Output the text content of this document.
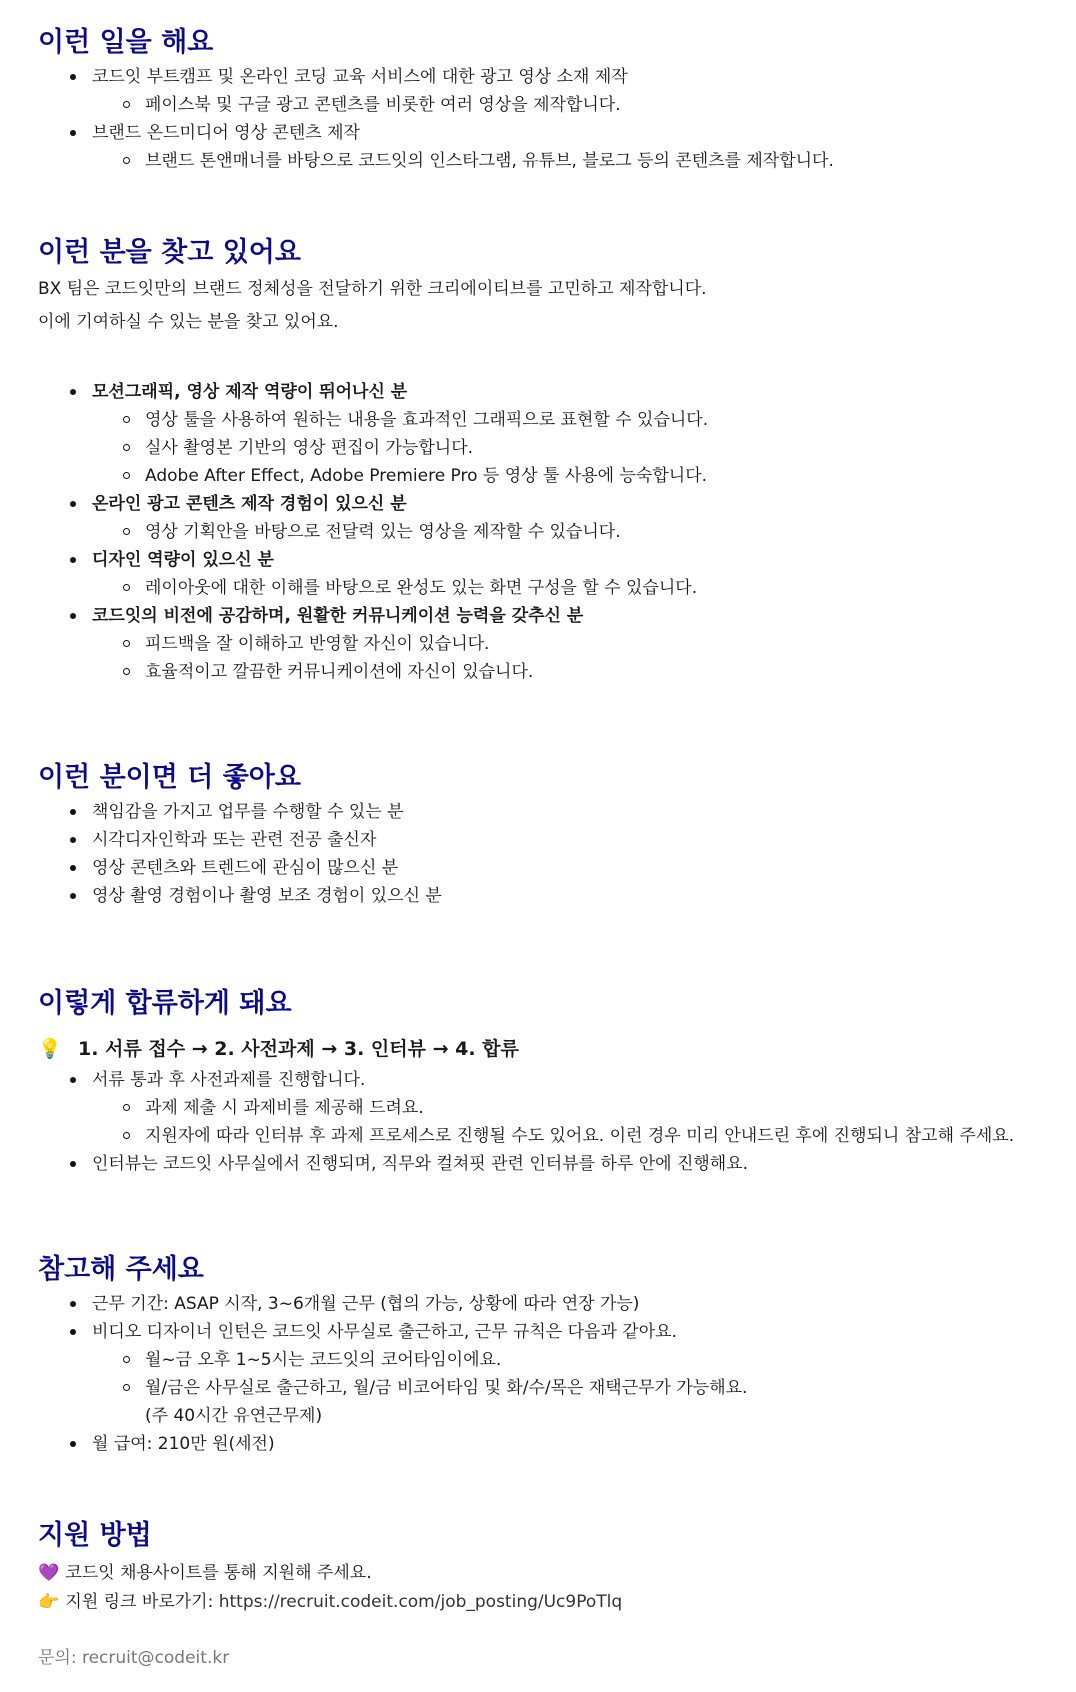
이런 일을 해요
코드잇 부트캠프 및 온라인 코딩 교육 서비스에 대한 광고 영상 소재 제작
페이스북 및 구글 광고 콘텐츠를 비롯한 여러 영상을 제작합니다.
브랜드 온드미디어 영상 콘텐츠 제작
브랜드 톤앤매너를 바탕으로 코드잇의 인스타그램, 유튜브, 블로그 등의 콘텐츠를 제작합니다.
이런 분을 찾고 있어요

BX 팀은 코드잇만의 브랜드 정체성을 전달하기 위한 크리에이티브를 고민하고 제작합니다.

이에 기여하실 수 있는 분을 찾고 있어요.

모션그래픽, 영상 제작 역량이 뛰어나신 분
영상 툴을 사용하여 원하는 내용을 효과적인 그래픽으로 표현할 수 있습니다.
실사 촬영본 기반의 영상 편집이 가능합니다.
Adobe After Effect, Adobe Premiere Pro 등 영상 툴 사용에 능숙합니다.
온라인 광고 콘텐츠 제작 경험이 있으신 분
영상 기획안을 바탕으로 전달력 있는 영상을 제작할 수 있습니다.
디자인 역량이 있으신 분
레이아웃에 대한 이해를 바탕으로 완성도 있는 화면 구성을 할 수 있습니다.
코드잇의 비전에 공감하며, 원활한 커뮤니케이션 능력을 갖추신 분
피드백을 잘 이해하고 반영할 자신이 있습니다.
효율적이고 깔끔한 커뮤니케이션에 자신이 있습니다.
이런 분이면 더 좋아요
책임감을 가지고 업무를 수행할 수 있는 분
시각디자인학과 또는 관련 전공 출신자
영상 콘텐츠와 트렌드에 관심이 많으신 분
영상 촬영 경험이나 촬영 보조 경험이 있으신 분
이렇게 합류하게 돼요
💡 1. 서류 접수 → 2. 사전과제 → 3. 인터뷰 → 4. 합류
서류 통과 후 사전과제를 진행합니다.
과제 제출 시 과제비를 제공해 드려요.
지원자에 따라 인터뷰 후 과제 프로세스로 진행될 수도 있어요. 이런 경우 미리 안내드린 후에 진행되니 참고해 주세요.
인터뷰는 코드잇 사무실에서 진행되며, 직무와 컬쳐핏 관련 인터뷰를 하루 안에 진행해요.
참고해 주세요
근무 기간: ASAP 시작, 3~6개월 근무 (협의 가능, 상황에 따라 연장 가능)
비디오 디자이너 인턴은 코드잇 사무실로 출근하고, 근무 규칙은 다음과 같아요.
월~금 오후 1~5시는 코드잇의 코어타임이에요.
월/금은 사무실로 출근하고, 월/금 비코어타임 및 화/수/목은 재택근무가 가능해요.
(주 40시간 유연근무제)
월 급여: 210만 원(세전)
지원 방법
💜 코드잇 채용사이트를 통해 지원해 주세요.
👉 지원 링크 바로가기: https://recruit.codeit.com/job_posting/Uc9PoTlq
문의: recruit@codeit.kr
